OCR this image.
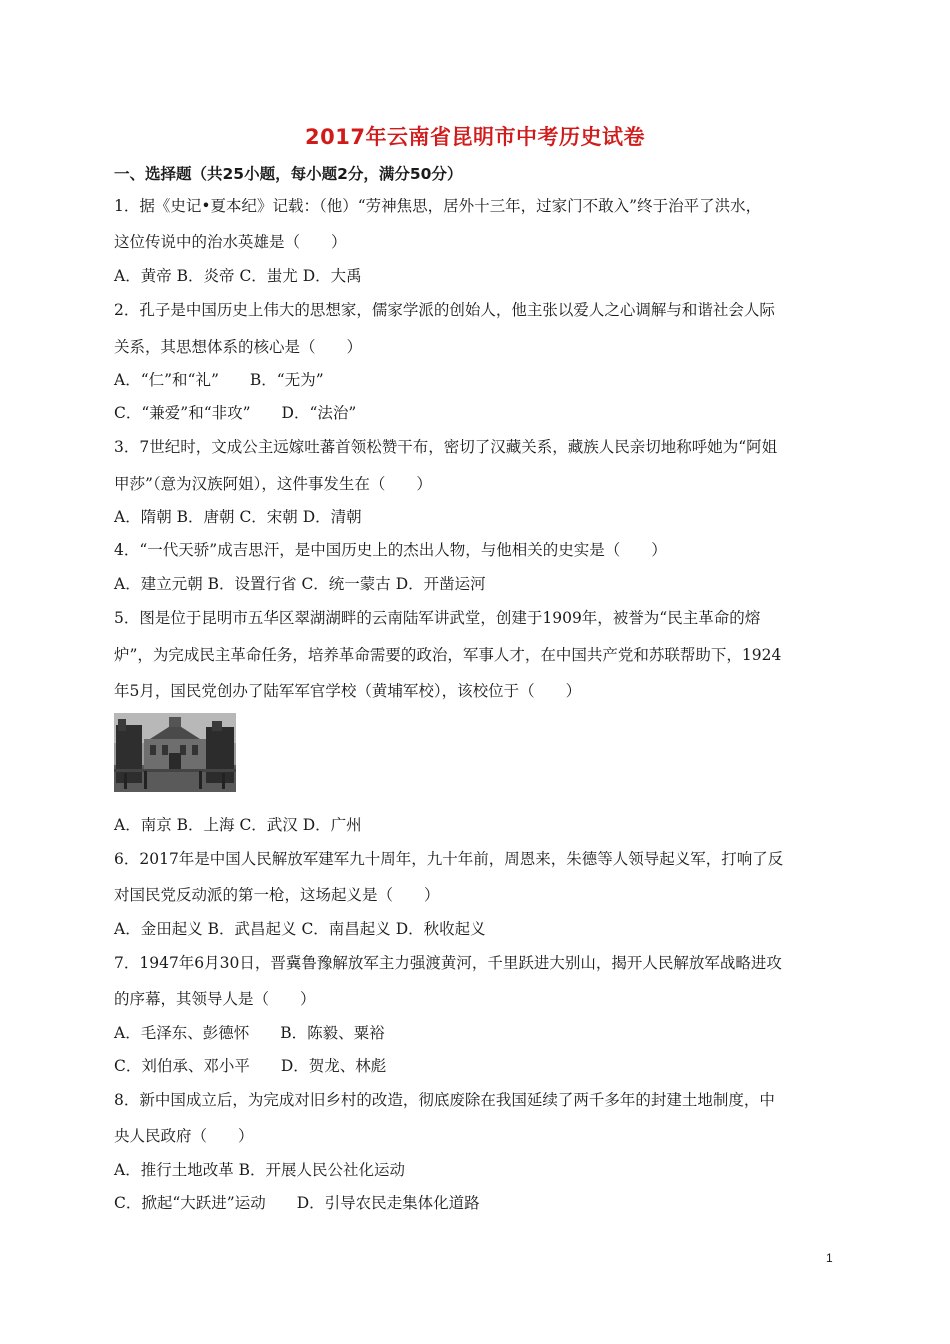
2017年云南省昆明市中考历史试卷
一、选择题（共25小题，每小题2分，满分50分）
1．据《史记•夏本纪》记载：（他）“劳神焦思，居外十三年，过家门不敢入”终于治平了洪水，
这位传说中的治水英雄是（　　）
A．黄帝 B．炎帝 C．蚩尤 D．大禹
2．孔子是中国历史上伟大的思想家，儒家学派的创始人，他主张以爱人之心调解与和谐社会人际
关系，其思想体系的核心是（　　）
A．“仁”和“礼”　　B．“无为”
C．“兼爱”和“非攻”　　D．“法治”
3．7世纪时，文成公主远嫁吐蕃首领松赞干布，密切了汉藏关系，藏族人民亲切地称呼她为“阿姐
甲莎”（意为汉族阿姐），这件事发生在（　　）
A．隋朝 B．唐朝 C．宋朝 D．清朝
4．“一代天骄”成吉思汗，是中国历史上的杰出人物，与他相关的史实是（　　）
A．建立元朝 B．设置行省 C．统一蒙古 D．开凿运河
5．图是位于昆明市五华区翠湖湖畔的云南陆军讲武堂，创建于1909年，被誉为“民主革命的熔
炉”，为完成民主革命任务，培养革命需要的政治，军事人才，在中国共产党和苏联帮助下，1924
年5月，国民党创办了陆军军官学校（黄埔军校），该校位于（　　）
A．南京 B．上海 C．武汉 D．广州
6．2017年是中国人民解放军建军九十周年，九十年前，周恩来，朱德等人领导起义军，打响了反
对国民党反动派的第一枪，这场起义是（　　）
A．金田起义 B．武昌起义 C．南昌起义 D．秋收起义
7．1947年6月30日，晋冀鲁豫解放军主力强渡黄河，千里跃进大别山，揭开人民解放军战略进攻
的序幕，其领导人是（　　）
A．毛泽东、彭德怀　　B．陈毅、粟裕
C．刘伯承、邓小平　　D．贺龙、林彪
8．新中国成立后，为完成对旧乡村的改造，彻底废除在我国延续了两千多年的封建土地制度，中
央人民政府（　　）
A．推行土地改革 B．开展人民公社化运动
C．掀起“大跃进”运动　　D．引导农民走集体化道路
1
